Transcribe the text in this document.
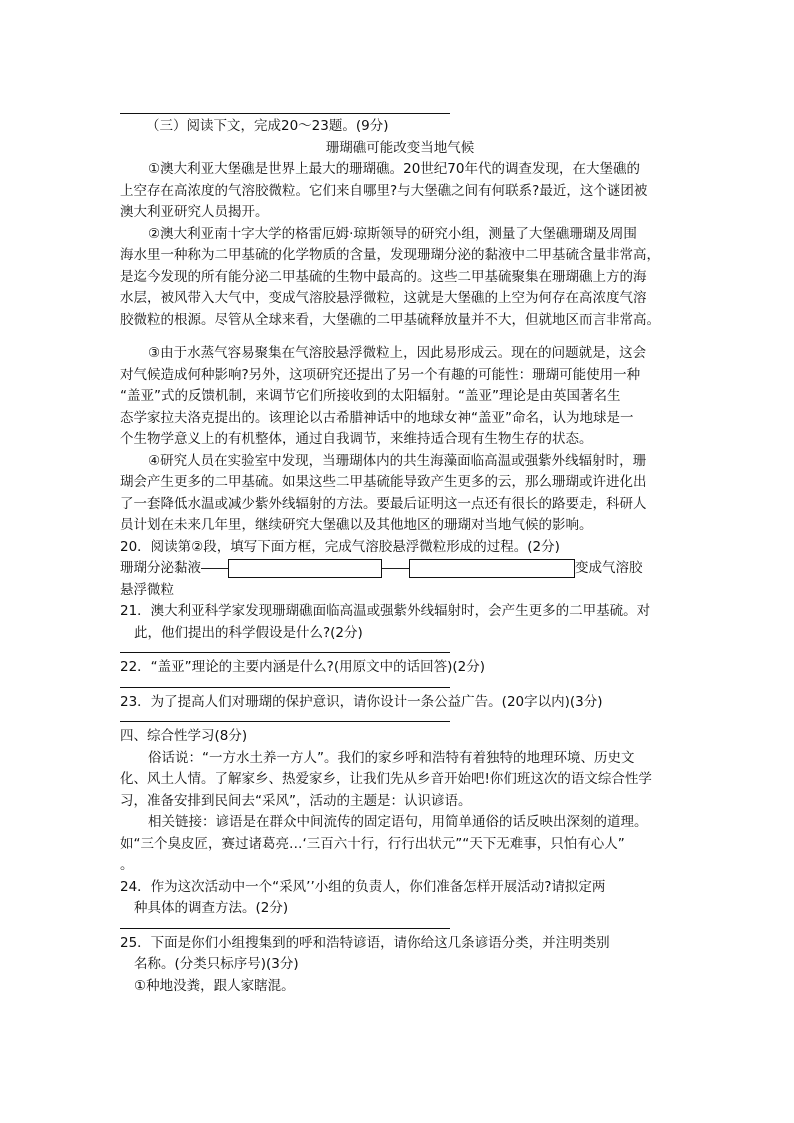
（三）阅读下文，完成20～23题。(9分)
珊瑚礁可能改变当地气候
①澳大利亚大堡礁是世界上最大的珊瑚礁。20世纪70年代的调查发现，在大堡礁的
上空存在高浓度的气溶胶微粒。它们来自哪里?与大堡礁之间有何联系?最近，这个谜团被
澳大利亚研究人员揭开。
②澳大利亚南十字大学的格雷厄姆·琼斯领导的研究小组，测量了大堡礁珊瑚及周围
海水里一种称为二甲基硫的化学物质的含量，发现珊瑚分泌的黏液中二甲基硫含量非常高，
是迄今发现的所有能分泌二甲基硫的生物中最高的。这些二甲基硫聚集在珊瑚礁上方的海
水层，被风带入大气中，变成气溶胶悬浮微粒，这就是大堡礁的上空为何存在高浓度气溶
胶微粒的根源。尽管从全球来看，大堡礁的二甲基硫释放量并不大，但就地区而言非常高。
③由于水蒸气容易聚集在气溶胶悬浮微粒上，因此易形成云。现在的问题就是，这会
对气候造成何种影响?另外，这项研究还提出了另一个有趣的可能性：珊瑚可能使用一种
“盖亚”式的反馈机制，来调节它们所接收到的太阳辐射。“盖亚”理论是由英国著名生
态学家拉夫洛克提出的。该理论以古希腊神话中的地球女神“盖亚”命名，认为地球是一
个生物学意义上的有机整体，通过自我调节，来维持适合现有生物生存的状态。
④研究人员在实验室中发现，当珊瑚体内的共生海藻面临高温或强紫外线辐射时，珊
瑚会产生更多的二甲基硫。如果这些二甲基硫能导致产生更多的云，那么珊瑚或许进化出
了一套降低水温或减少紫外线辐射的方法。要最后证明这一点还有很长的路要走，科研人
员计划在未来几年里，继续研究大堡礁以及其他地区的珊瑚对当地气候的影响。
20．阅读第②段，填写下面方框，完成气溶胶悬浮微粒形成的过程。(2分)
珊瑚分泌黏液――	――	变成气溶胶
悬浮微粒
21．澳大利亚科学家发现珊瑚礁面临高温或强紫外线辐射时，会产生更多的二甲基硫。对
此，他们提出的科学假设是什么?(2分)
22．“盖亚”理论的主要内涵是什么?(用原文中的话回答)(2分)
23．为了提高人们对珊瑚的保护意识，请你设计一条公益广告。(20字以内)(3分)
四、综合性学习(8分)
俗话说：“一方水土养一方人”。我们的家乡呼和浩特有着独特的地理环境、历史文
化、风土人情。了解家乡、热爱家乡，让我们先从乡音开始吧!你们班这次的语文综合性学
习，准备安排到民间去“采风”，活动的主题是：认识谚语。
相关链接：谚语是在群众中间流传的固定语句，用简单通俗的话反映出深刻的道理。
如“三个臭皮匠，赛过诸葛亮…‘三百六十行，行行出状元”“天下无难事，只怕有心人”
。
24．作为这次活动中一个“采风’’小组的负责人，你们准备怎样开展活动?请拟定两
种具体的调查方法。(2分)
25．下面是你们小组搜集到的呼和浩特谚语，请你给这几条谚语分类，并注明类别
名称。(分类只标序号)(3分)
①种地没粪，跟人家瞎混。
